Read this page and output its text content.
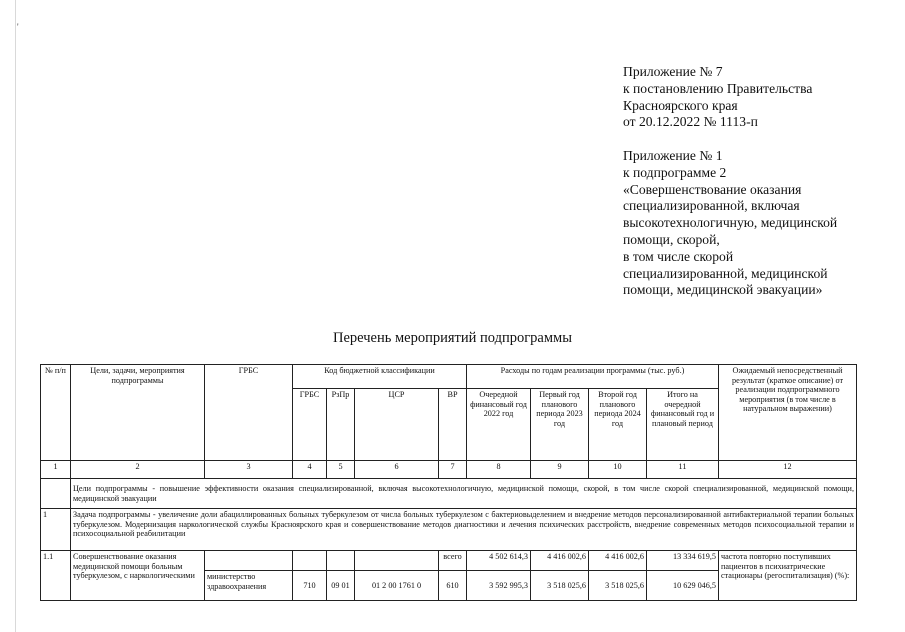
'
Приложение № 7
к постановлению Правительства
Красноярского края
от 20.12.2022 № 1113-п
Приложение № 1
к подпрограмме 2
«Совершенствование оказания
специализированной, включая
высокотехнологичную, медицинской
помощи, скорой,
в том числе скорой
специализированной, медицинской
помощи, медицинской эвакуации»
Перечень мероприятий подпрограммы
№ п/п	Цели, задачи, мероприятия подпрограммы	ГРБС	Код бюджетной классификации				Расходы по годам реализации программы (тыс. руб.)				Ожидаемый непосредственный результат (краткое описание) от реализации подпрограммного мероприятия (в том числе в натуральном выражении)
			ГРБС	РзПр	ЦСР	ВР	Очередной финансовый год 2022 год	Первый год планового периода 2023 год	Второй год планового периода 2024 год	Итого на очередной финансовый год и плановый период	
1	2	3	4	5	6	7	8	9	10	11	12
	Цели подпрограммы - повышение эффективности оказания специализированной, включая высокотехнологичную, медицинской помощи, скорой, в том числе скорой специализированной, медицинской помощи, медицинской эвакуации										
1	Задача подпрограммы - увеличение доли абациллированных больных туберкулезом от числа больных туберкулезом с бактериовыделением и внедрение методов персонализированной антибактериальной терапии больных туберкулезом. Модернизация наркологической службы Красноярского края и совершенствование методов диагностики и лечения психических расстройств, внедрение современных методов психосоциальной терапии и психосоциальной реабилитации										
1.1	Совершенствование оказания медицинской помощи больным туберкулезом, с наркологическими					всего	4 502 614,3	4 416 002,6	4 416 002,6	13 334 619,5	частота повторно поступивших пациентов в психиатрические стационары (регоспитализация) (%):
		министерство здравоохранения	710	09 01	01 2 00 1761 0	610	3 592 995,3	3 518 025,6	3 518 025,6	10 629 046,5	
